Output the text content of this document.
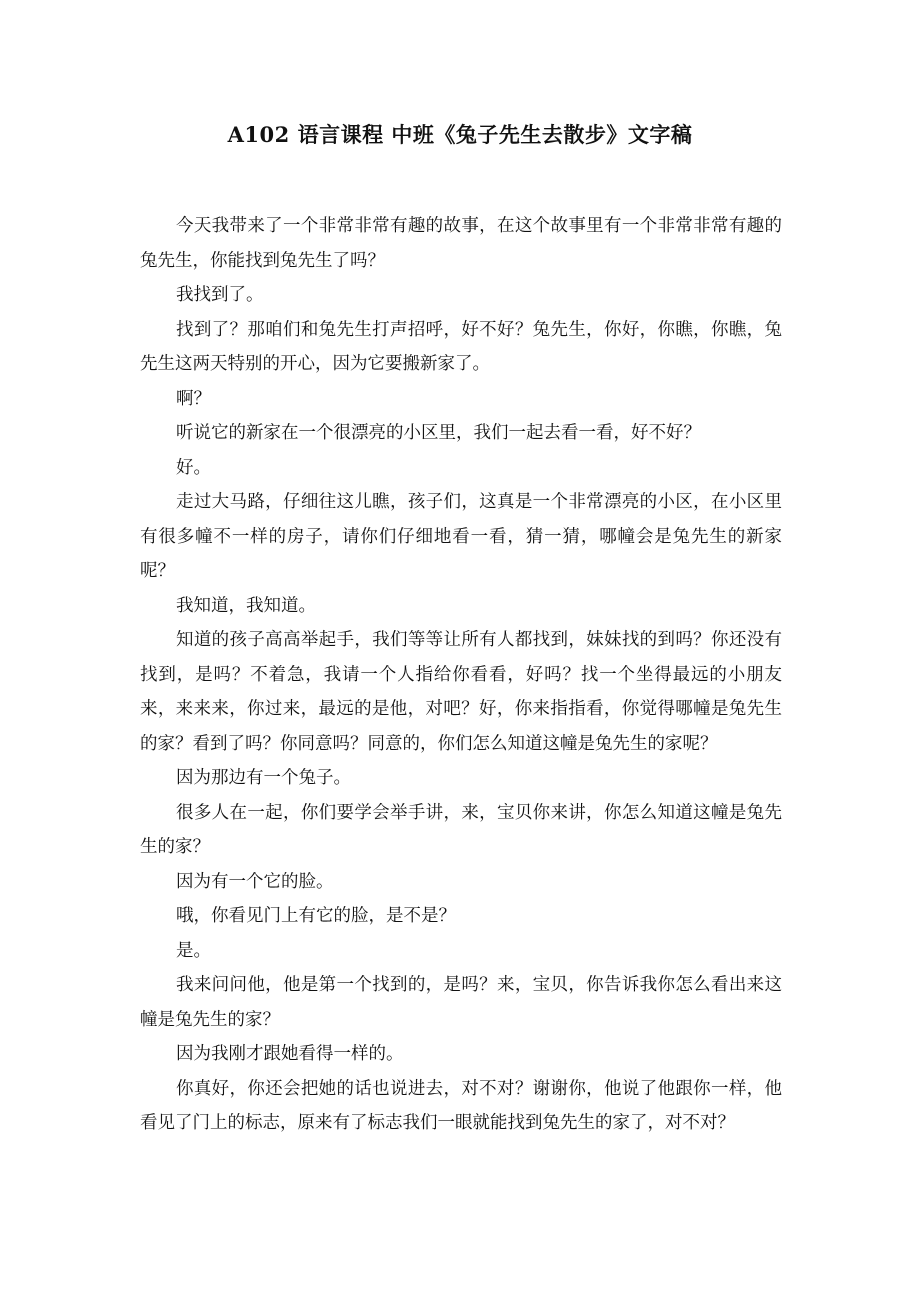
A102 语言课程 中班《兔子先生去散步》文字稿

今天我带来了一个非常非常有趣的故事，在这个故事里有一个非常非常有趣的兔先生，你能找到兔先生了吗？

我找到了。

找到了？那咱们和兔先生打声招呼，好不好？兔先生，你好，你瞧，你瞧，兔先生这两天特别的开心，因为它要搬新家了。

啊？

听说它的新家在一个很漂亮的小区里，我们一起去看一看，好不好？

好。

走过大马路，仔细往这儿瞧，孩子们，这真是一个非常漂亮的小区，在小区里有很多幢不一样的房子，请你们仔细地看一看，猜一猜，哪幢会是兔先生的新家呢？

我知道，我知道。

知道的孩子高高举起手，我们等等让所有人都找到，妹妹找的到吗？你还没有找到，是吗？不着急，我请一个人指给你看看，好吗？找一个坐得最远的小朋友来，来来来，你过来，最远的是他，对吧？好，你来指指看，你觉得哪幢是兔先生的家？看到了吗？你同意吗？同意的，你们怎么知道这幢是兔先生的家呢？

因为那边有一个兔子。

很多人在一起，你们要学会举手讲，来，宝贝你来讲，你怎么知道这幢是兔先生的家？

因为有一个它的脸。

哦，你看见门上有它的脸，是不是？

是。

我来问问他，他是第一个找到的，是吗？来，宝贝，你告诉我你怎么看出来这幢是兔先生的家？

因为我刚才跟她看得一样的。

你真好，你还会把她的话也说进去，对不对？谢谢你，他说了他跟你一样，他看见了门上的标志，原来有了标志我们一眼就能找到兔先生的家了，对不对？
